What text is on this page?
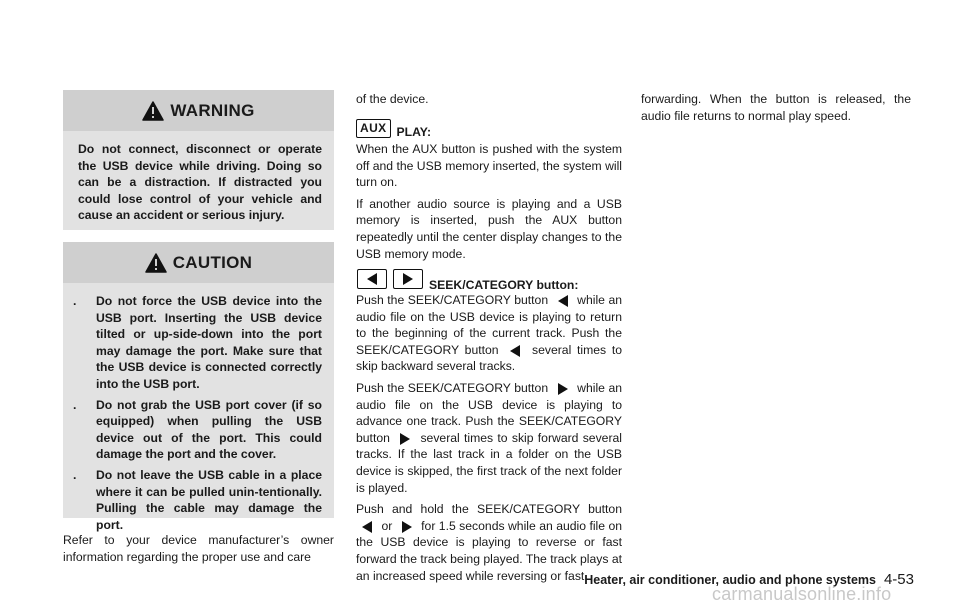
WARNING
Do not connect, disconnect or operate the USB device while driving. Doing so can be a distraction. If distracted you could lose control of your vehicle and cause an accident or serious injury.
CAUTION
. Do not force the USB device into the USB port. Inserting the USB device tilted or up-side-down into the port may damage the port. Make sure that the USB device is connected correctly into the USB port.
. Do not grab the USB port cover (if so equipped) when pulling the USB device out of the port. This could damage the port and the cover.
. Do not leave the USB cable in a place where it can be pulled unin-tentionally. Pulling the cable may damage the port.

Refer to your device manufacturer’s owner information regarding the proper use and care

of the device.

AUX PLAY:

When the AUX button is pushed with the system off and the USB memory inserted, the system will turn on.

If another audio source is playing and a USB memory is inserted, push the AUX button repeatedly until the center display changes to the USB memory mode.

SEEK/CATEGORY button:

Push the SEEK/CATEGORY button while an audio file on the USB device is playing to return to the beginning of the current track. Push the SEEK/CATEGORY button	several times to skip backward several tracks.

Push the SEEK/CATEGORY button while an audio file on the USB device is playing to advance one track. Push the SEEK/CATEGORY button	several times to skip forward several tracks. If the last track in a folder on the USB device is skipped, the first track of the next folder is played.

Push and hold the SEEK/CATEGORY button  or for 1.5 seconds while an audio file on the USB device is playing to reverse or fast forward the track being played. The track plays at an increased speed while reversing or fast

forwarding. When the button is released, the audio file returns to normal play speed.

Heater, air conditioner, audio and phone systems 4-53
carmanualsonline.info
